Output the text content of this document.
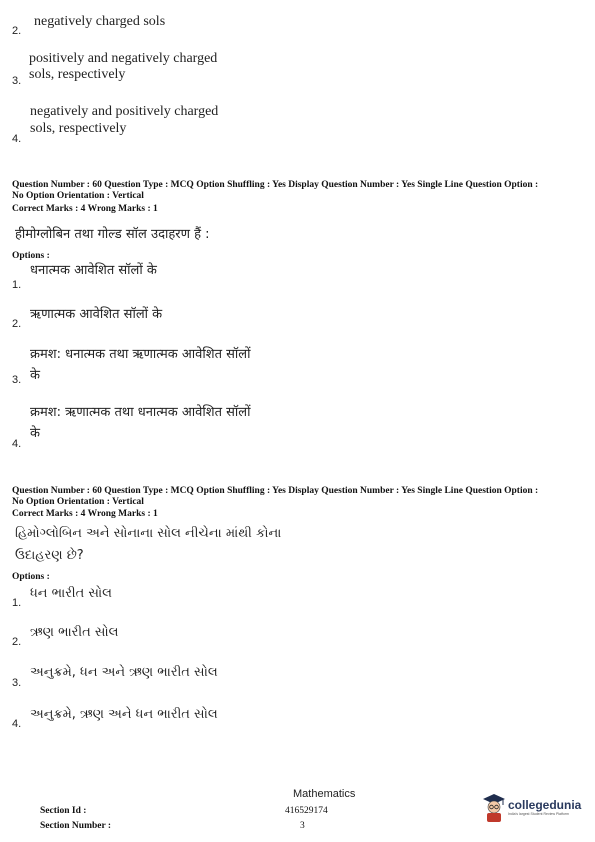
2.
negatively charged sols
positively and negatively charged
3. sols, respectively
negatively and positively charged
sols, respectively
4.
Question Number : 60 Question Type : MCQ Option Shuffling : Yes Display Question Number : Yes Single Line Question Option :
No Option Orientation : Vertical
Correct Marks : 4 Wrong Marks : 1
हीमोग्लोबिन तथा गोल्ड सॉल उदाहरण हैं :
Options :
धनात्मक आवेशित सॉलों के
1.
2.
ऋणात्मक आवेशित सॉलों के
क्रमश: धनात्मक तथा ऋणात्मक आवेशित सॉलों
3. के
क्रमश: ऋणात्मक तथा धनात्मक आवेशित सॉलों
के
4.
Question Number : 60 Question Type : MCQ Option Shuffling : Yes Display Question Number : Yes Single Line Question Option :
No Option Orientation : Vertical
Correct Marks : 4 Wrong Marks : 1
હિમોગ્લોબિન અને સોનાના સોલ નીચેના માંથી કોના
ઉદાહરણ છે?
Options :
1.
ધન ભારીત સોલ
2.
ઋણ ભારીત સોલ
3.
અનુક્રમે, ધન અને ઋણ ભારીત સોલ
4.
અનુક્રમે, ઋણ અને ધન ભારીત સોલ
Mathematics
Section Id :	416529174
Section Number :	3
collegedunia
India's largest Student Review Platform
